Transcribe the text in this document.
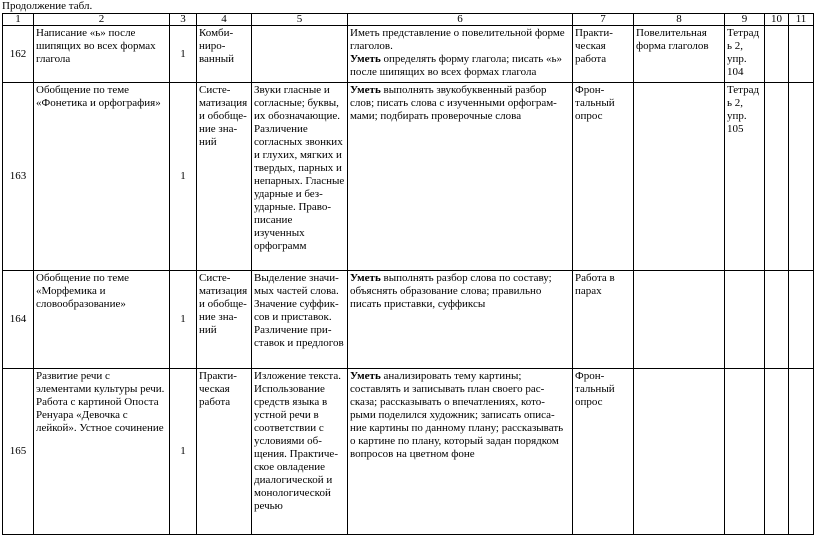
Продолжение табл.
1	2	3	4	5	6	7	8	9	10	11
162	Написание «ь» после шипящих во всех формах глагола	1	Комби-ниро-ванный		Иметь представление о повелительной форме глаголов.
Уметь определять форму глагола; писать «ь» после шипящих во всех формах глагола	Практи-ческая работа	Повелительная форма глаголов	Тетрадь 2, упр. 104		
163	Обобщение по теме «Фонетика и орфография»	1	Систе-матизация и обобще-ние зна-ний	Звуки гласные и согласные; буквы, их обозначающие. Различение согласных звонких и глухих, мягких и твердых, парных и непарных. Гласные ударные и без-ударные. Право-писание изученных орфограмм	Уметь выполнять звукобуквенный разбор слов; писать слова с изученными орфограм-мами; подбирать проверочные слова	Фрон-тальный опрос		Тетрадь 2, упр. 105		
164	Обобщение по теме «Морфемика и словообразование»	1	Систе-матизация и обобще-ние зна-ний	Выделение значи-мых частей слова. Значение суффик-сов и приставок. Различение при-ставок и предлогов	Уметь выполнять разбор слова по составу; объяснять образование слова; правильно писать приставки, суффиксы	Работа в парах				
165	Развитие речи с элементами культуры речи. Работа с картиной Опоста Ренуара «Девочка с лейкой». Устное сочинение	1	Практи-ческая работа	Изложение текста. Использование средств языка в устной речи в соответствии с условиями об-щения. Практиче-ское овладение диалогической и монологической речью	Уметь анализировать тему картины; составлять и записывать план своего рас-сказа; рассказывать о впечатлениях, кото-рыми поделился художник; записать описа-ние картины по данному плану; рассказывать о картине по плану, который задан порядком вопросов на цветном фоне	Фрон-тальный опрос				
